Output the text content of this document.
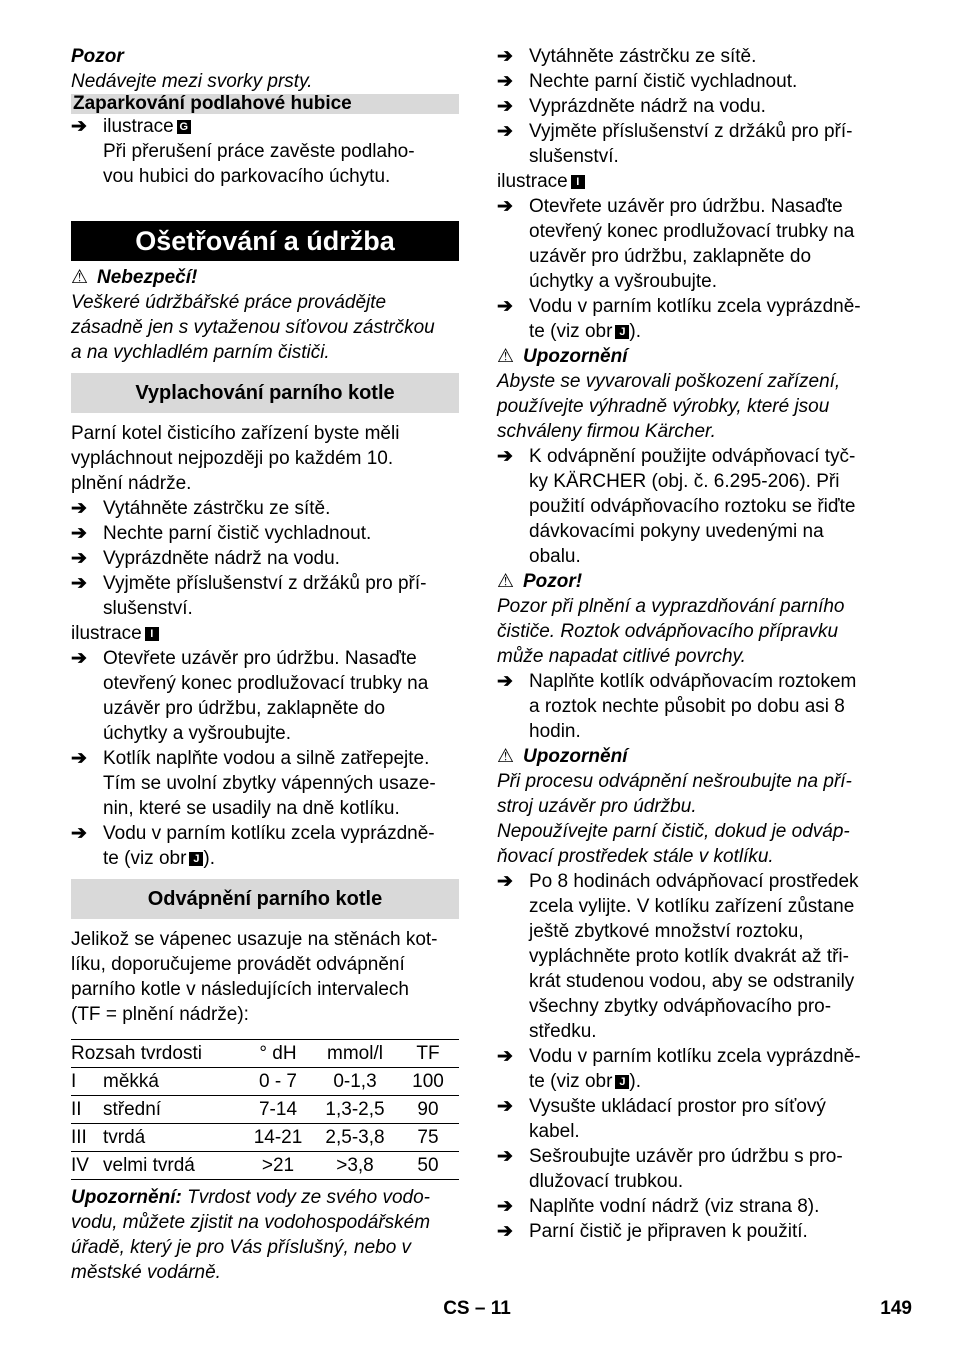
Pozor

Nedávejte mezi svorky prsty.

Zaparkování podlahové hubice
➔ ilustrace G
Při přerušení práce zavěste podlaho-
vou hubici do parkovacího úchytu.
Ošetřování a údržba

⚠ Nebezpečí!

Veškeré údržbářské práce provádějte
zásadně jen s vytaženou síťovou zástrčkou
a na vychladlém parním čističi.
Vyplachování parního kotle
Parní kotel čisticího zařízení byste měli
vypláchnout nejpozději po každém 10.
plnění nádrže.
➔ Vytáhněte zástrčku ze sítě.
➔ Nechte parní čistič vychladnout.
➔ Vyprázdněte nádrž na vodu.
➔ Vyjměte příslušenství z držáků pro pří-
slušenství.

ilustrace I

➔ Otevřete uzávěr pro údržbu. Nasaďte
otevřený konec prodlužovací trubky na
uzávěr pro údržbu, zaklapněte do
úchytky a vyšroubujte.
➔ Kotlík naplňte vodou a silně zatřepejte.
Tím se uvolní zbytky vápenných usaze-
nin, které se usadily na dně kotlíku.
➔ Vodu v parním kotlíku zcela vyprázdně-
te (viz obr J ).
Odvápnění parního kotle
Jelikož se vápenec usazuje na stěnách kot-
líku, doporučujeme provádět odvápnění
parního kotle v následujících intervalech
(TF = plnění nádrže):
Rozsah tvrdosti		° dH	mmol/l	TF
I	měkká	0 - 7	0-1,3	100
II	střední	7-14	1,3-2,5	90
III	tvrdá	14-21	2,5-3,8	75
IV	velmi tvrdá	>21	>3,8	50

Upozornění: Tvrdost vody ze svého vodo-

vodu, můžete zjistit na vodohospodářském
úřadě, který je pro Vás příslušný, nebo v
městské vodárně.
➔ Vytáhněte zástrčku ze sítě.
➔ Nechte parní čistič vychladnout.
➔ Vyprázdněte nádrž na vodu.
➔ Vyjměte příslušenství z držáků pro pří-
slušenství.

ilustrace I

➔ Otevřete uzávěr pro údržbu. Nasaďte
otevřený konec prodlužovací trubky na
uzávěr pro údržbu, zaklapněte do
úchytky a vyšroubujte.
➔ Vodu v parním kotlíku zcela vyprázdně-
te (viz obr J ).

⚠ Upozornění

Abyste se vyvarovali poškození zařízení,
používejte výhradně výrobky, které jsou
schváleny firmou Kärcher.
➔ K odvápnění použijte odvápňovací tyč-
ky KÄRCHER (obj. č. 6.295-206). Při
použití odvápňovacího roztoku se řiďte
dávkovacími pokyny uvedenými na
obalu.

⚠ Pozor!

Pozor při plnění a vyprazdňování parního
čističe. Roztok odvápňovacího přípravku
může napadat citlivé povrchy.
➔ Naplňte kotlík odvápňovacím roztokem
a roztok nechte působit po dobu asi 8
hodin.

⚠ Upozornění

Při procesu odvápnění nešroubujte na pří-
stroj uzávěr pro údržbu.
Nepoužívejte parní čistič, dokud je odváp-
ňovací prostředek stále v kotlíku.
➔ Po 8 hodinách odvápňovací prostředek
zcela vylijte. V kotlíku zařízení zůstane
ještě zbytkové množství roztoku,
vypláchněte proto kotlík dvakrát až tři-
krát studenou vodou, aby se odstranily
všechny zbytky odvápňovacího pro-
středku.
➔ Vodu v parním kotlíku zcela vyprázdně-
te (viz obr J ).
➔ Vysušte ukládací prostor pro síťový
kabel.
➔ Sešroubujte uzávěr pro údržbu s pro-
dlužovací trubkou.
➔ Naplňte vodní nádrž (viz strana 8).
➔ Parní čistič je připraven k použití.
CS – 11	149
